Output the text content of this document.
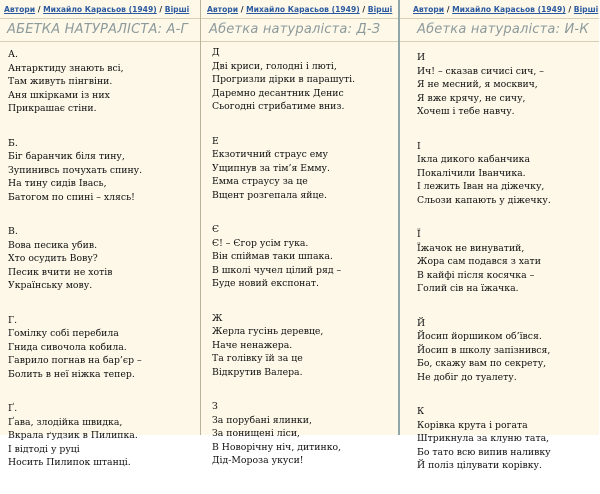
Автори / Михайло Карасьов (1949) / Вірші
АБЕТКА НАТУРАЛІСТА: А-Г
А.
Антарктиду знають всі,
Там живуть пінгвіни.
Аня шкірками із них
Прикрашає стіни.
Б.
Біг баранчик біля тину,
Зупинивсь почухать спину.
На тину сидів Івась,
Батогом по спині – хлясь!
В.
Вова песика убив.
Хто осудить Вову?
Песик вчити не хотів
Українську мову.
Г.
Гомілку собі перебила
Гнида сивочола кобила.
Гаврило погнав на бар’єр –
Болить в неї ніжка тепер.
Ґ.
Ґава, злодійка швидка,
Вкрала ґудзик в Пилипка.
І відтоді у руці
Носить Пилипок штанці.
Автори / Михайло Карасьов (1949) / Вірші
Абетка натураліста: Д-З
Д
Дві криси, голодні і люті,
Прогризли дірки в парашуті.
Даремно десантник Денис
Сьогодні стрибатиме вниз.
Е
Екзотичний страус ему
Ущипнув за тім’я Емму.
Емма страусу за це
Вщент розгепала яйце.
Є
Є! – Єгор усім гука.
Він спіймав таки шпака.
В школі чучел цілий ряд –
Буде новий експонат.
Ж
Жерла гусінь деревце,
Наче ненажера.
Та голівку їй за це
Відкрутив Валера.
З
За порубані ялинки,
За понищені ліси,
В Новорічну ніч, дитинко,
Дід-Мороза укуси!
Автори / Михайло Карасьов (1949) / Вірші
Абетка натураліста: И-К
И
Ич! – сказав сичисі сич, –
Я не месний, я москвич,
Я вже крячу, не сичу,
Хочеш і тебе навчу.
І
Ікла дикого кабанчика
Покалічили Іванчика.
І лежить Іван на діжечку,
Сльози капають у діжечку.
Ї
Їжачок не винуватий,
Жора сам подався з хати
В кайфі після косячка –
Голий сів на їжачка.
Й
Йосип йоршиком об’ївся.
Йосип в школу запізнився,
Бо, скажу вам по секрету,
Не добіг до туалету.
К
Корівка крута і рогата
Штрикнула за клуню тата,
Бо тато всю випив наливку
Й поліз цілувати корівку.
